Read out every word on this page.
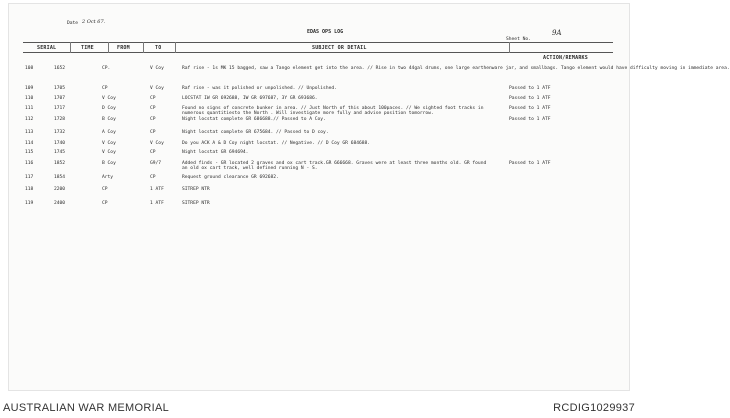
Date 2 Oct 67.
EDAS OPS LOG
Sheet No.
9A
SERIAL	TIME	FROM	TO	SUBJECT OR DETAIL
ACTION/REMARKS
108	1652	CP.	V Coy	Raf rise - 1s MK 15 bagged, saw a Tango element get into the area. // Rise in two 44gal drums, one large earthenware jar, and smallbags. Tango element would have difficulty moving in immediate area.
109	1705	CP	V Coy	Raf rise - was it polished or unpolished. // Unpolished.	Passed to 1 ATF
110	1707	V Coy	CP	LOCSTAT IW GR 692688, IW GR 697687, 3Y GR 693686.	Passed to 1 ATF
111	1717	D Coy	CP	Found no signs of concrete bunker in area. // Just North of this about 100paces. // We sighted foot tracks in
numerous quantitiesto the North . Will investigate more fully and advise position tomorrow.
Passed to 1 ATF
112	1728	B Coy	CP	Night locstat complete GR 686688.// Passed to A Coy.	Passed to 1 ATF
113	1732	A Coy	CP	Night locstat complete GR 675684. // Passed to D coy.
114	1740	V Coy	V Coy	Do you ACK A & D Coy night locstat. // Negative. // D Coy GR 684688.
115	1745	V Coy	CP	Night locstat GR 694694.
116	1852	B Coy	G9/7	Added finds - GR located 2 graves and ox cart track.GR 666668. Graves were at least three months old. GR found
an old ox cart track, well defined running N - S.
Passed to 1 ATF
117	1854	Arty	CP	Request ground clearance GR 692682.
118	2200	CP	1 ATF	SITREP NTR
119	2400	CP	1 ATF	SITREP NTR
AUSTRALIAN WAR MEMORIAL	RCDIG1029937
